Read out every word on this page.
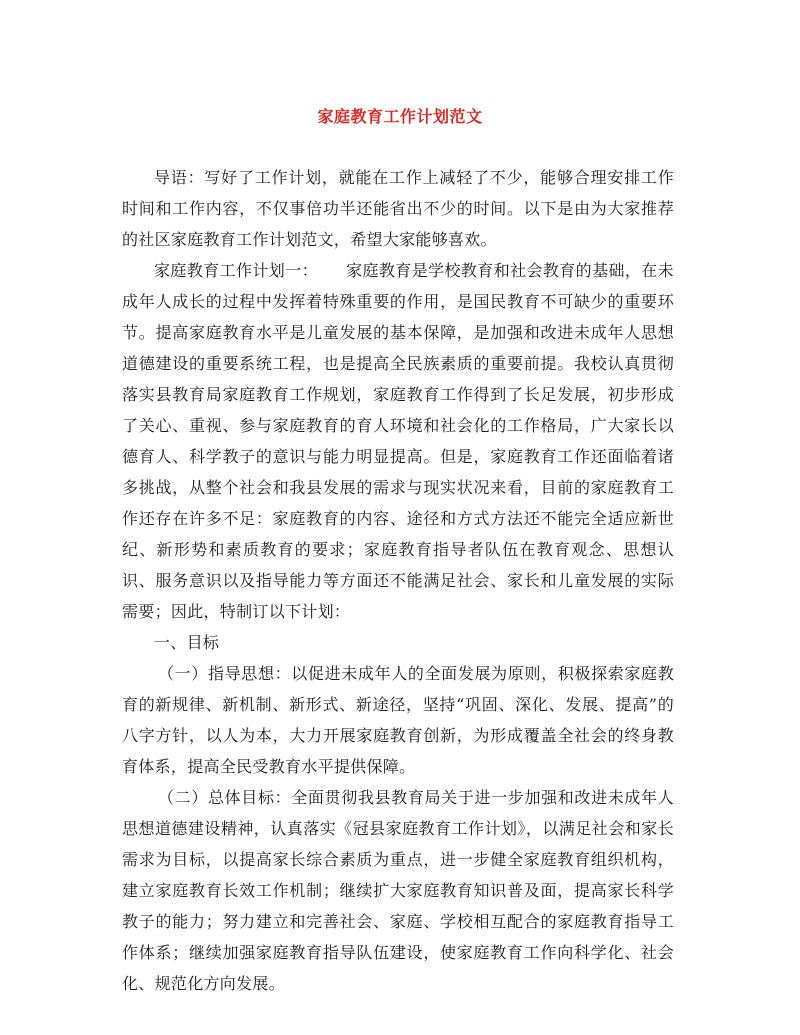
家庭教育工作计划范文

导语：写好了工作计划，就能在工作上减轻了不少，能够合理安排工作时间和工作内容，不仅事倍功半还能省出不少的时间。以下是由为大家推荐的社区家庭教育工作计划范文，希望大家能够喜欢。

家庭教育工作计划一： 家庭教育是学校教育和社会教育的基础，在未成年人成长的过程中发挥着特殊重要的作用，是国民教育不可缺少的重要环节。提高家庭教育水平是儿童发展的基本保障，是加强和改进未成年人思想道德建设的重要系统工程，也是提高全民族素质的重要前提。我校认真贯彻落实县教育局家庭教育工作规划，家庭教育工作得到了长足发展，初步形成了关心、重视、参与家庭教育的育人环境和社会化的工作格局，广大家长以德育人、科学教子的意识与能力明显提高。但是，家庭教育工作还面临着诸多挑战，从整个社会和我县发展的需求与现实状况来看，目前的家庭教育工作还存在许多不足：家庭教育的内容、途径和方式方法还不能完全适应新世纪、新形势和素质教育的要求；家庭教育指导者队伍在教育观念、思想认识、服务意识以及指导能力等方面还不能满足社会、家长和儿童发展的实际需要；因此，特制订以下计划：

一、目标

（一）指导思想：以促进未成年人的全面发展为原则，积极探索家庭教育的新规律、新机制、新形式、新途径，坚持“巩固、深化、发展、提高”的八字方针，以人为本，大力开展家庭教育创新，为形成覆盖全社会的终身教育体系，提高全民受教育水平提供保障。

（二）总体目标：全面贯彻我县教育局关于进一步加强和改进未成年人思想道德建设精神，认真落实《冠县家庭教育工作计划》，以满足社会和家长需求为目标，以提高家长综合素质为重点，进一步健全家庭教育组织机构，建立家庭教育长效工作机制；继续扩大家庭教育知识普及面，提高家长科学教子的能力；努力建立和完善社会、家庭、学校相互配合的家庭教育指导工作体系；继续加强家庭教育指导队伍建设，使家庭教育工作向科学化、社会化、规范化方向发展。
